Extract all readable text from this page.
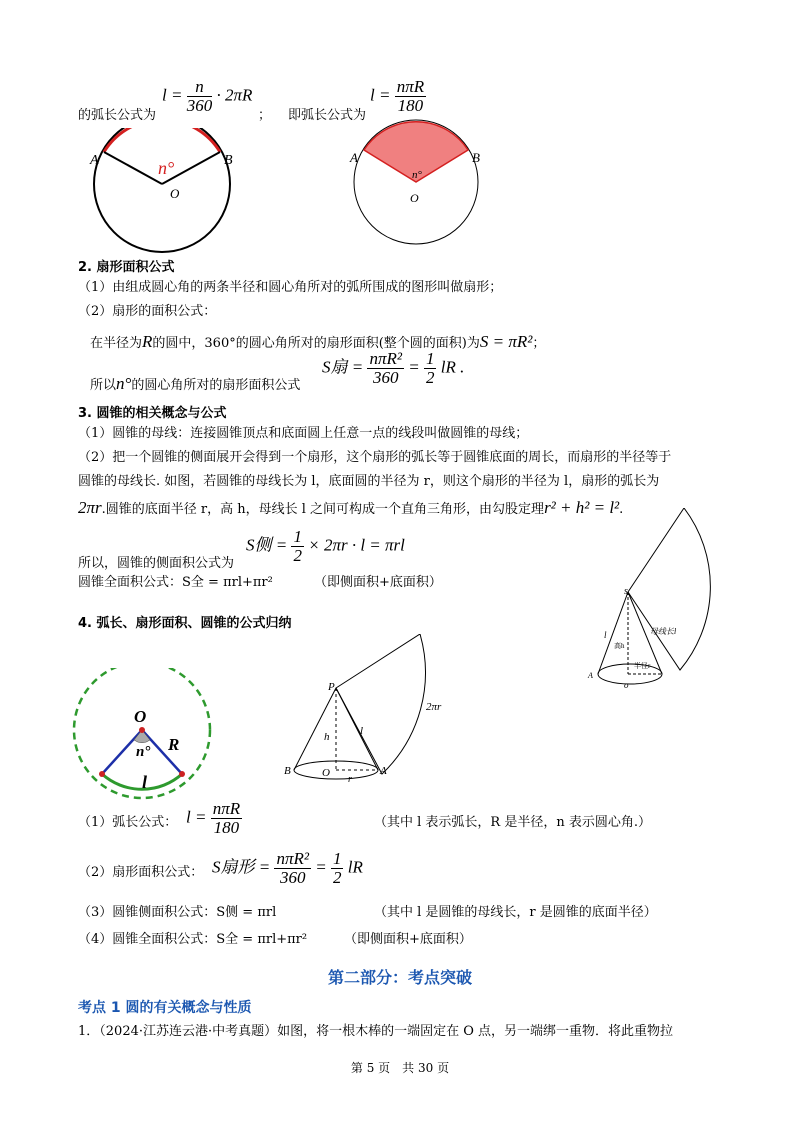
的弧长公式为
$l = \frac{n}{360} \cdot 2\pi R$
； 即弧长公式为
$l = \frac{\text{nπR}}{180}$
A	B
O
n°
A	B
O
n°
2. 扇形面积公式
（1）由组成圆心角的两条半径和圆心角所对的弧所围成的图形叫做扇形；
（2）扇形的面积公式：
在半径为R的圆中，360°的圆心角所对的扇形面积(整个圆的面积)为S = πR²；
所以n°的圆心角所对的扇形面积公式
S扇 = $\frac{\text{nπR²}}{360} = \frac{1}{2}$ lR .
3. 圆锥的相关概念与公式
（1）圆锥的母线：连接圆锥顶点和底面圆上任意一点的线段叫做圆锥的母线；
（2）把一个圆锥的侧面展开会得到一个扇形，这个扇形的弧长等于圆锥底面的周长，而扇形的半径等于
圆锥的母线长. 如图，若圆锥的母线长为 l，底面圆的半径为 r，则这个扇形的半径为 l，扇形的弧长为
2πr.圆锥的底面半径 r，高 h，母线长 l 之间可构成一个直角三角形，由勾股定理r² + h² = l².
S侧 = $\frac{1}{2} \times 2\pi r \cdot l = \pi rl$
所以，圆锥的侧面积公式为
圆锥全面积公式：S全 = πrl+πr²	（即侧面积+底面积）
s
l
高h
母线长l
半径r
A
o
4. 弧长、扇形面积、圆锥的公式归纳
O
n° R
l
P
h	l
B	O
r
A
2πr
（1）弧长公式： $l = \frac{\text{nπR}}{180}$	（其中 l 表示弧长，R 是半径，n 表示圆心角.）
（2）扇形面积公式： S扇形 = $\frac{\text{nπR²}}{360} = \frac{1}{2}$ lR
（3）圆锥侧面积公式：S侧 = πrl	（其中 l 是圆锥的母线长，r 是圆锥的底面半径）
（4）圆锥全面积公式：S全 = πrl+πr²	（即侧面积+底面积）
第二部分：考点突破
考点 1 圆的有关概念与性质
1．（2024·江苏连云港·中考真题）如图，将一根木棒的一端固定在 O 点，另一端绑一重物．将此重物拉
第 5 页　共 30 页
